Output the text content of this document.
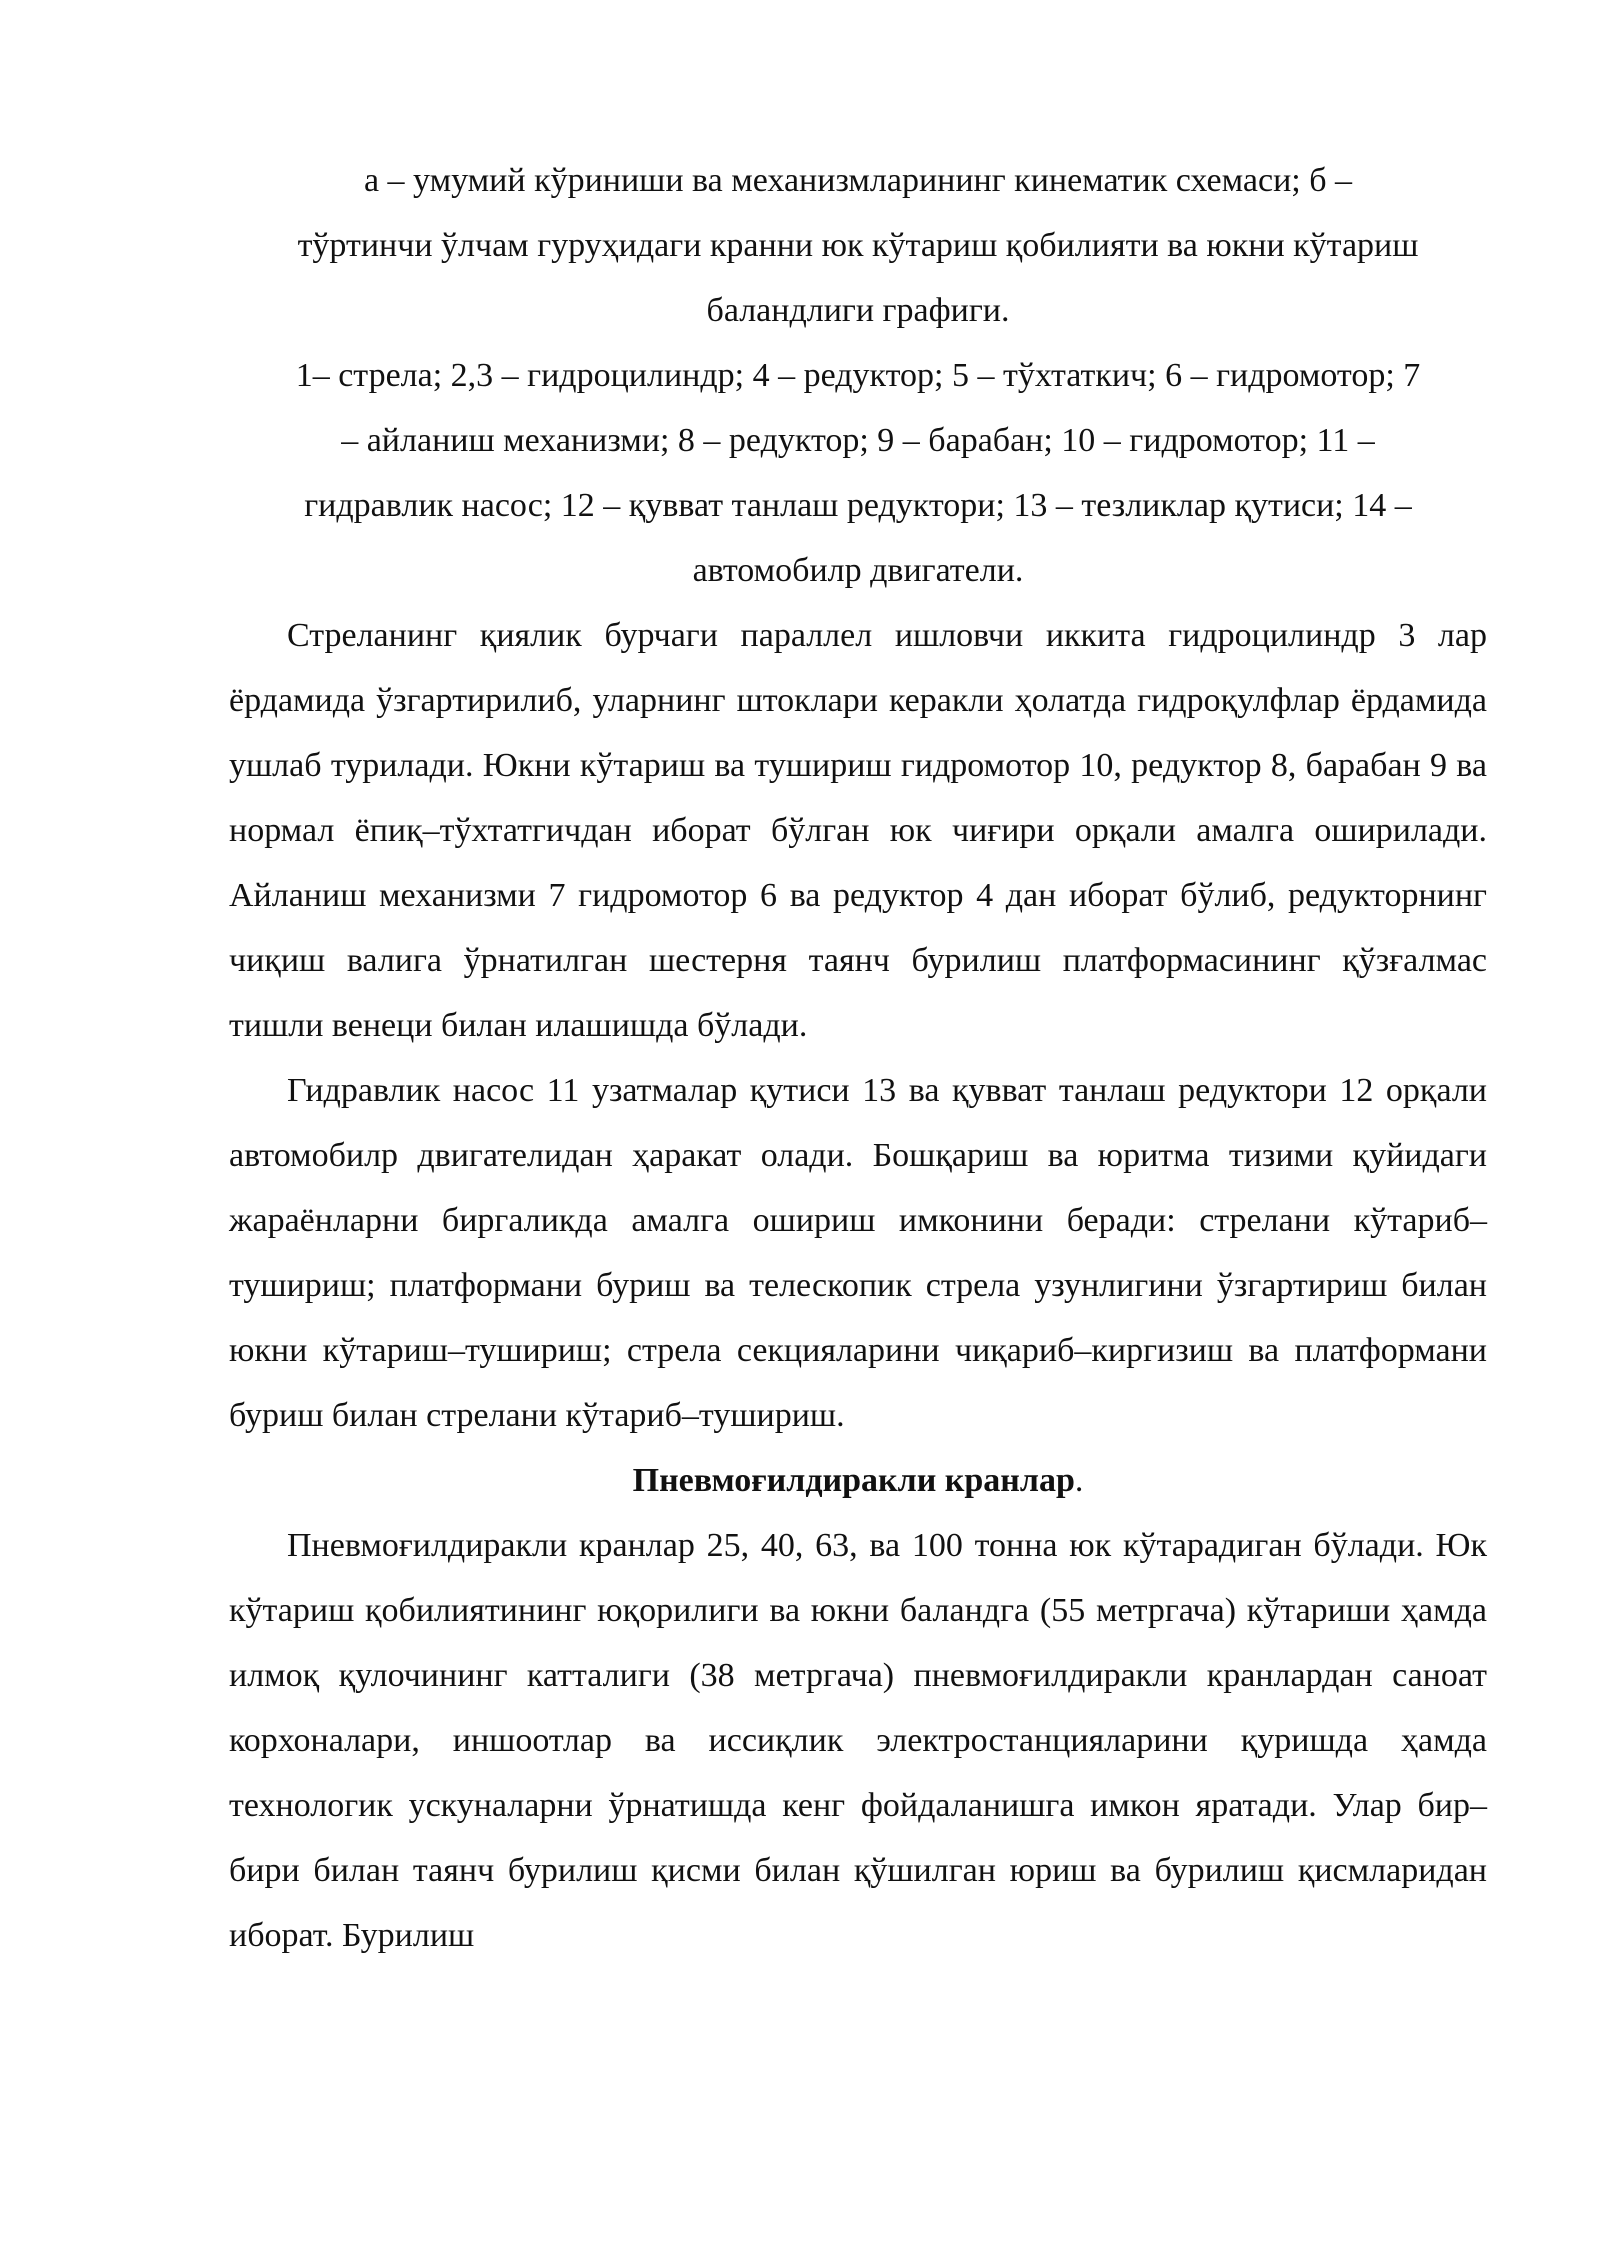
а – умумий кўриниши ва механизмларининг кинематик схемаси; б –
тўртинчи ўлчам гуруҳидаги кранни юк кўтариш қобилияти ва юкни кўтариш
баландлиги графиги.

1– стрела; 2,3 – гидроцилиндр; 4 – редуктор; 5 – тўхтаткич; 6 – гидромотор; 7
– айланиш механизми; 8 – редуктор; 9 – барабан; 10 – гидромотор; 11 –
гидравлик насос; 12 – қувват танлаш редуктори; 13 – тезликлар қутиси; 14 –
автомобилр двигатели.

Стреланинг қиялик бурчаги параллел ишловчи иккита гидроцилиндр 3 лар ёрдамида ўзгартирилиб, уларнинг штоклари керакли ҳолатда гидроқулфлар ёрдамида ушлаб турилади. Юкни кўтариш ва тушириш гидромотор 10, редуктор 8, барабан 9 ва нормал ёпиқ–тўхтатгичдан иборат бўлган юк чиғири орқали амалга оширилади. Айланиш механизми 7 гидромотор 6 ва редуктор 4 дан иборат бўлиб, редукторнинг чиқиш валига ўрнатилган шестерня таянч бурилиш платформасининг қўзғалмас тишли венеци билан илашишда бўлади.

Гидравлик насос 11 узатмалар қутиси 13 ва қувват танлаш редуктори 12 орқали автомобилр двигателидан ҳаракат олади. Бошқариш ва юритма тизими қуйидаги жараёнларни биргаликда амалга ошириш имконини беради: стрелани кўтариб–тушириш; платформани буриш ва телескопик стрела узунлигини ўзгартириш билан юкни кўтариш–тушириш; стрела секцияларини чиқариб–киргизиш ва платформани буриш билан стрелани кўтариб–тушириш.

Пневмоғилдиракли кранлар.

Пневмоғилдиракли кранлар 25, 40, 63, ва 100 тонна юк кўтарадиган бўлади. Юк кўтариш қобилиятининг юқорилиги ва юкни баландга (55 метргача) кўтариши ҳамда илмоқ қулочининг катталиги (38 метргача) пневмоғилдиракли кранлардан саноат корхоналари, иншоотлар ва иссиқлик электростанцияларини қуришда ҳамда технологик ускуналарни ўрнатишда кенг фойдаланишга имкон яратади. Улар бир–бири билан таянч бурилиш қисми билан қўшилган юриш ва бурилиш қисмларидан иборат. Бурилиш
